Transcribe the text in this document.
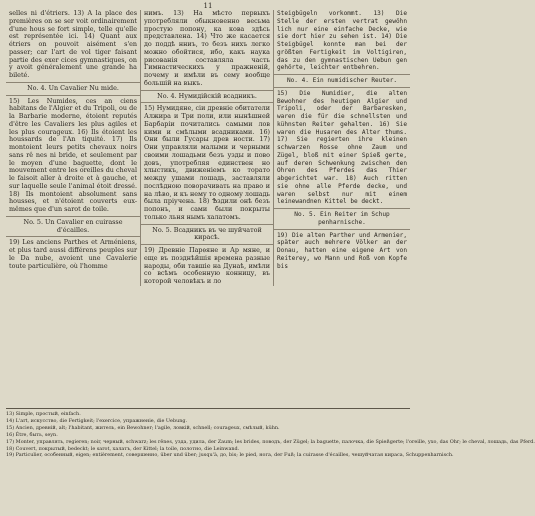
11

selles ni d'étriers. 13) A la place des premières on se ser voit ordinairement d'une hous se fort simple, telle qu'elle est représentée ici. 14) Quant aux étriers on pouvoit aisément s'en passer; car l'art de vol tiger faisant partie des exer cices gymnastiques, on y avoit généralement une grande ha bileté.

No. 4. Un Cavalier Nu mide.

15) Les Numides, ces an ciens habitans de l'Algier et du Tripoli, ou de la Barbarie moderne, étoient reputés d'être les Cavaliers les plus agiles et les plus courageux. 16) Ils étoient les houssards de l'An tiquité. 17) Ils montoient leurs petits chevaux noirs sans rê nes ni bride, et seulement par le moyen d'une baguette, dont le mouvement entre les oreilles du cheval le faisoit aller à droite et à gauche, et sur laquelle seule l'animal étoit dressé. 18) Ils montoient absolument sans housses, et n'étoient couverts eux-mêmes que d'un sarot de toile.

No. 5. Un Cavalier en cuirasse d'écailles.

19) Les anciens Parthes et Arméniens, et plus tard aussi différens peuples sur le Da nube, avoient une Cavalerie toute particulière, où l'homme

нимъ. 13) На мѣсто первыхъ употребляли обыкновенно весьма простую попону, ка кова здѣсь представлена. 14) Что же касается до поддѣ нниъ, то безъ нихъ легко можно обойтися, ибо, какъ наука рисованія составляла часть Гимнастическихъ у пражненій, почему и имѣли въ сему вообще большій на выкъ.

No. 4. Нумидійскій всадникъ.

15) Нумидяне, сіи древніе обитатели Алжира и Три поли, или нынѣшней Барбаріи почитались самыми лов кими и смѣлыми всадниками. 16) Они были Гусары древ ности. 17) Они управляли малыми и черными своими лошадьми безъ узды и пово довъ, употребляя единствен но хлыстикъ, движеніемъ ко торато между ушами лошадь, заставляли послѣдною поворачивать на право и на лѣво, и къ нему то одному лошадь была пріучена. 18) Ѣздили онѣ безъ попонъ, и сами были покрыты только льня нымъ халатомъ.

No. 5. Всадникъ въ че шуйчатой кирасѣ.

19) Древніе Парѳяне и Ар мяне, и еще въ позднѣйшія времена разные народы, оби тавшіе на Дунаѣ, имѣли со всѣмъ особенную конницу, въ которой человѣкъ и ло

Steigbügeln vorkommt. 13) Die Stelle der ersten vertrat gewöhn lich nur eine einfache Decke, wie sie dort hier zu sehen ist. 14) Die Steigbügel konnte man bei der größten Fertigkeit im Voltigiren, das zu den gymnastischen Uebun gen gehörte, leichter entbehren.

No. 4. Ein numidischer Reuter.

15) Die Numidier, die alten Bewohner des heutigen Algier und Tripoli, oder der Barbaresken, waren die für die schnellsten und kühnsten Reiter gehalten. 16) Sie waren die Husaren des Alter thums. 17) Sie regierten ihre kleinen schwarzen Rosse ohne Zaum und Zügel, bloß mit einer Spieß gerte, auf deren Schwenkung zwischen den Ohren des Pferdes das Thier abgerichtet war. 18) Auch ritten sie ohne alle Pferde decke, und waren selbst nur mit einem leinewandnen Kittel be deckt.

No. 5. Ein Reiter im Schup penharnische.

19) Die alten Parther und Armenier, später auch mehrere Völker an der Donau, hatten eine eigene Art von Reiterey, wo Mann und Roß vom Kopfe bis

13) Simple, простый, einfach.

14) L'art, искусство, die Fertigkeit; l'exercice, упражненіе, die Uebung.

15) Ancien, древній, alt; l'habitant, житель, ein Bewohner; l'agile, ловкій, schnell; courageux, смѣлый, kühn.

16) Être, быть, seyn.

17) Monter, управлять, regieren; noir, черный, schwarz; les rênes, узда, удила, der Zaum; les brides, поводъ, der Zügel; la baguette, палочка, die Spießgerte; l'oreille, ухо, das Ohr; le cheval, лошадь, das Pferd.

18) Couvert, покрытый, bedeckt; le sarot, халатъ, der Kittel; la toile, полотно, die Leinwand.

19) Particulier, особенный, eigen; entièrement, совершенно, über und über; jusqu'à, до, bis; le pied, нога, der Fuß; la cuirasse d'écailles, чешуйчатая кираса, Schuppenharnisch.
